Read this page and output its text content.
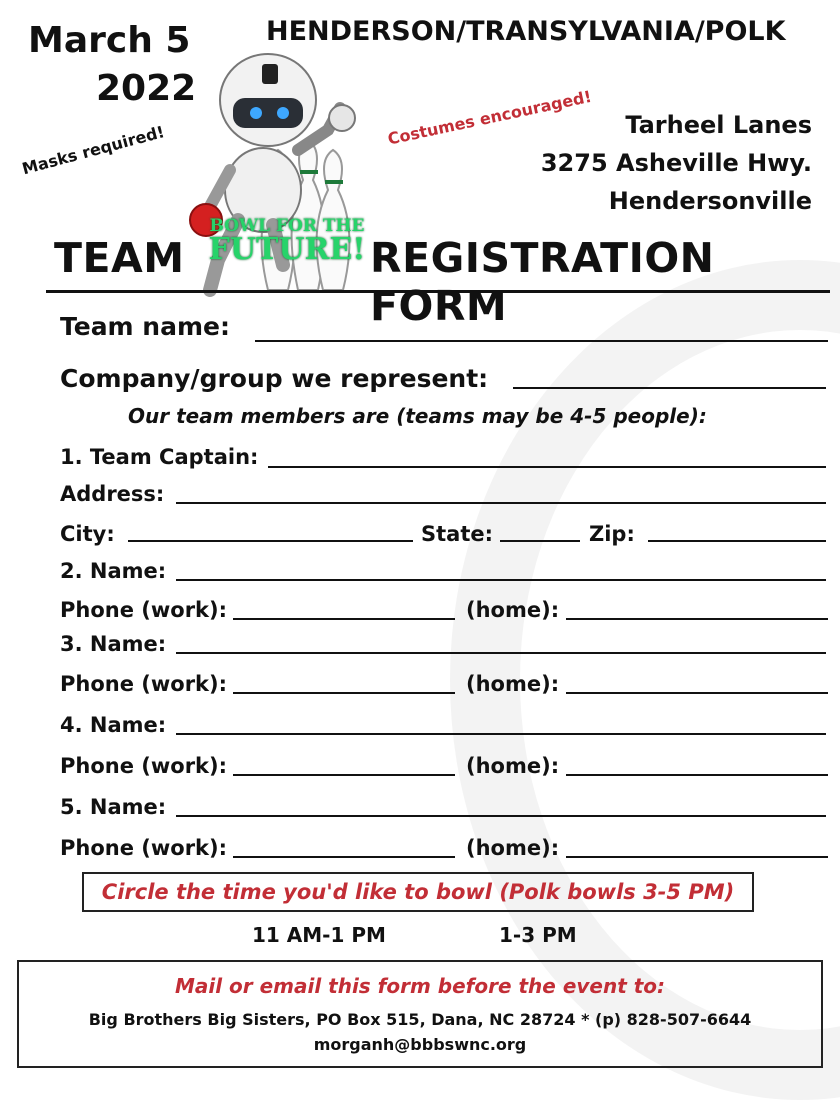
March 5
2022
HENDERSON/TRANSYLVANIA/POLK
Masks required!
Costumes encouraged!	Tarheel Lanes
3275 Asheville Hwy.
Hendersonville
BOWL FOR THE
FUTURE!
TEAM	REGISTRATION FORM
Team name:
Company/group we represent:
Our team members are (teams may be 4-5 people):
1. Team Captain:
Address:
City:	State:	Zip:
2. Name:
Phone (work):	(home):
3. Name:
Phone (work):	(home):
4. Name:
Phone (work):	(home):
5. Name:
Phone (work):	(home):
Circle the time you'd like to bowl (Polk bowls 3-5 PM)
11 AM-1 PM	1-3 PM
Mail or email this form before the event to:
Big Brothers Big Sisters, PO Box 515, Dana, NC 28724 * (p) 828-507-6644
morganh@bbbswnc.org
